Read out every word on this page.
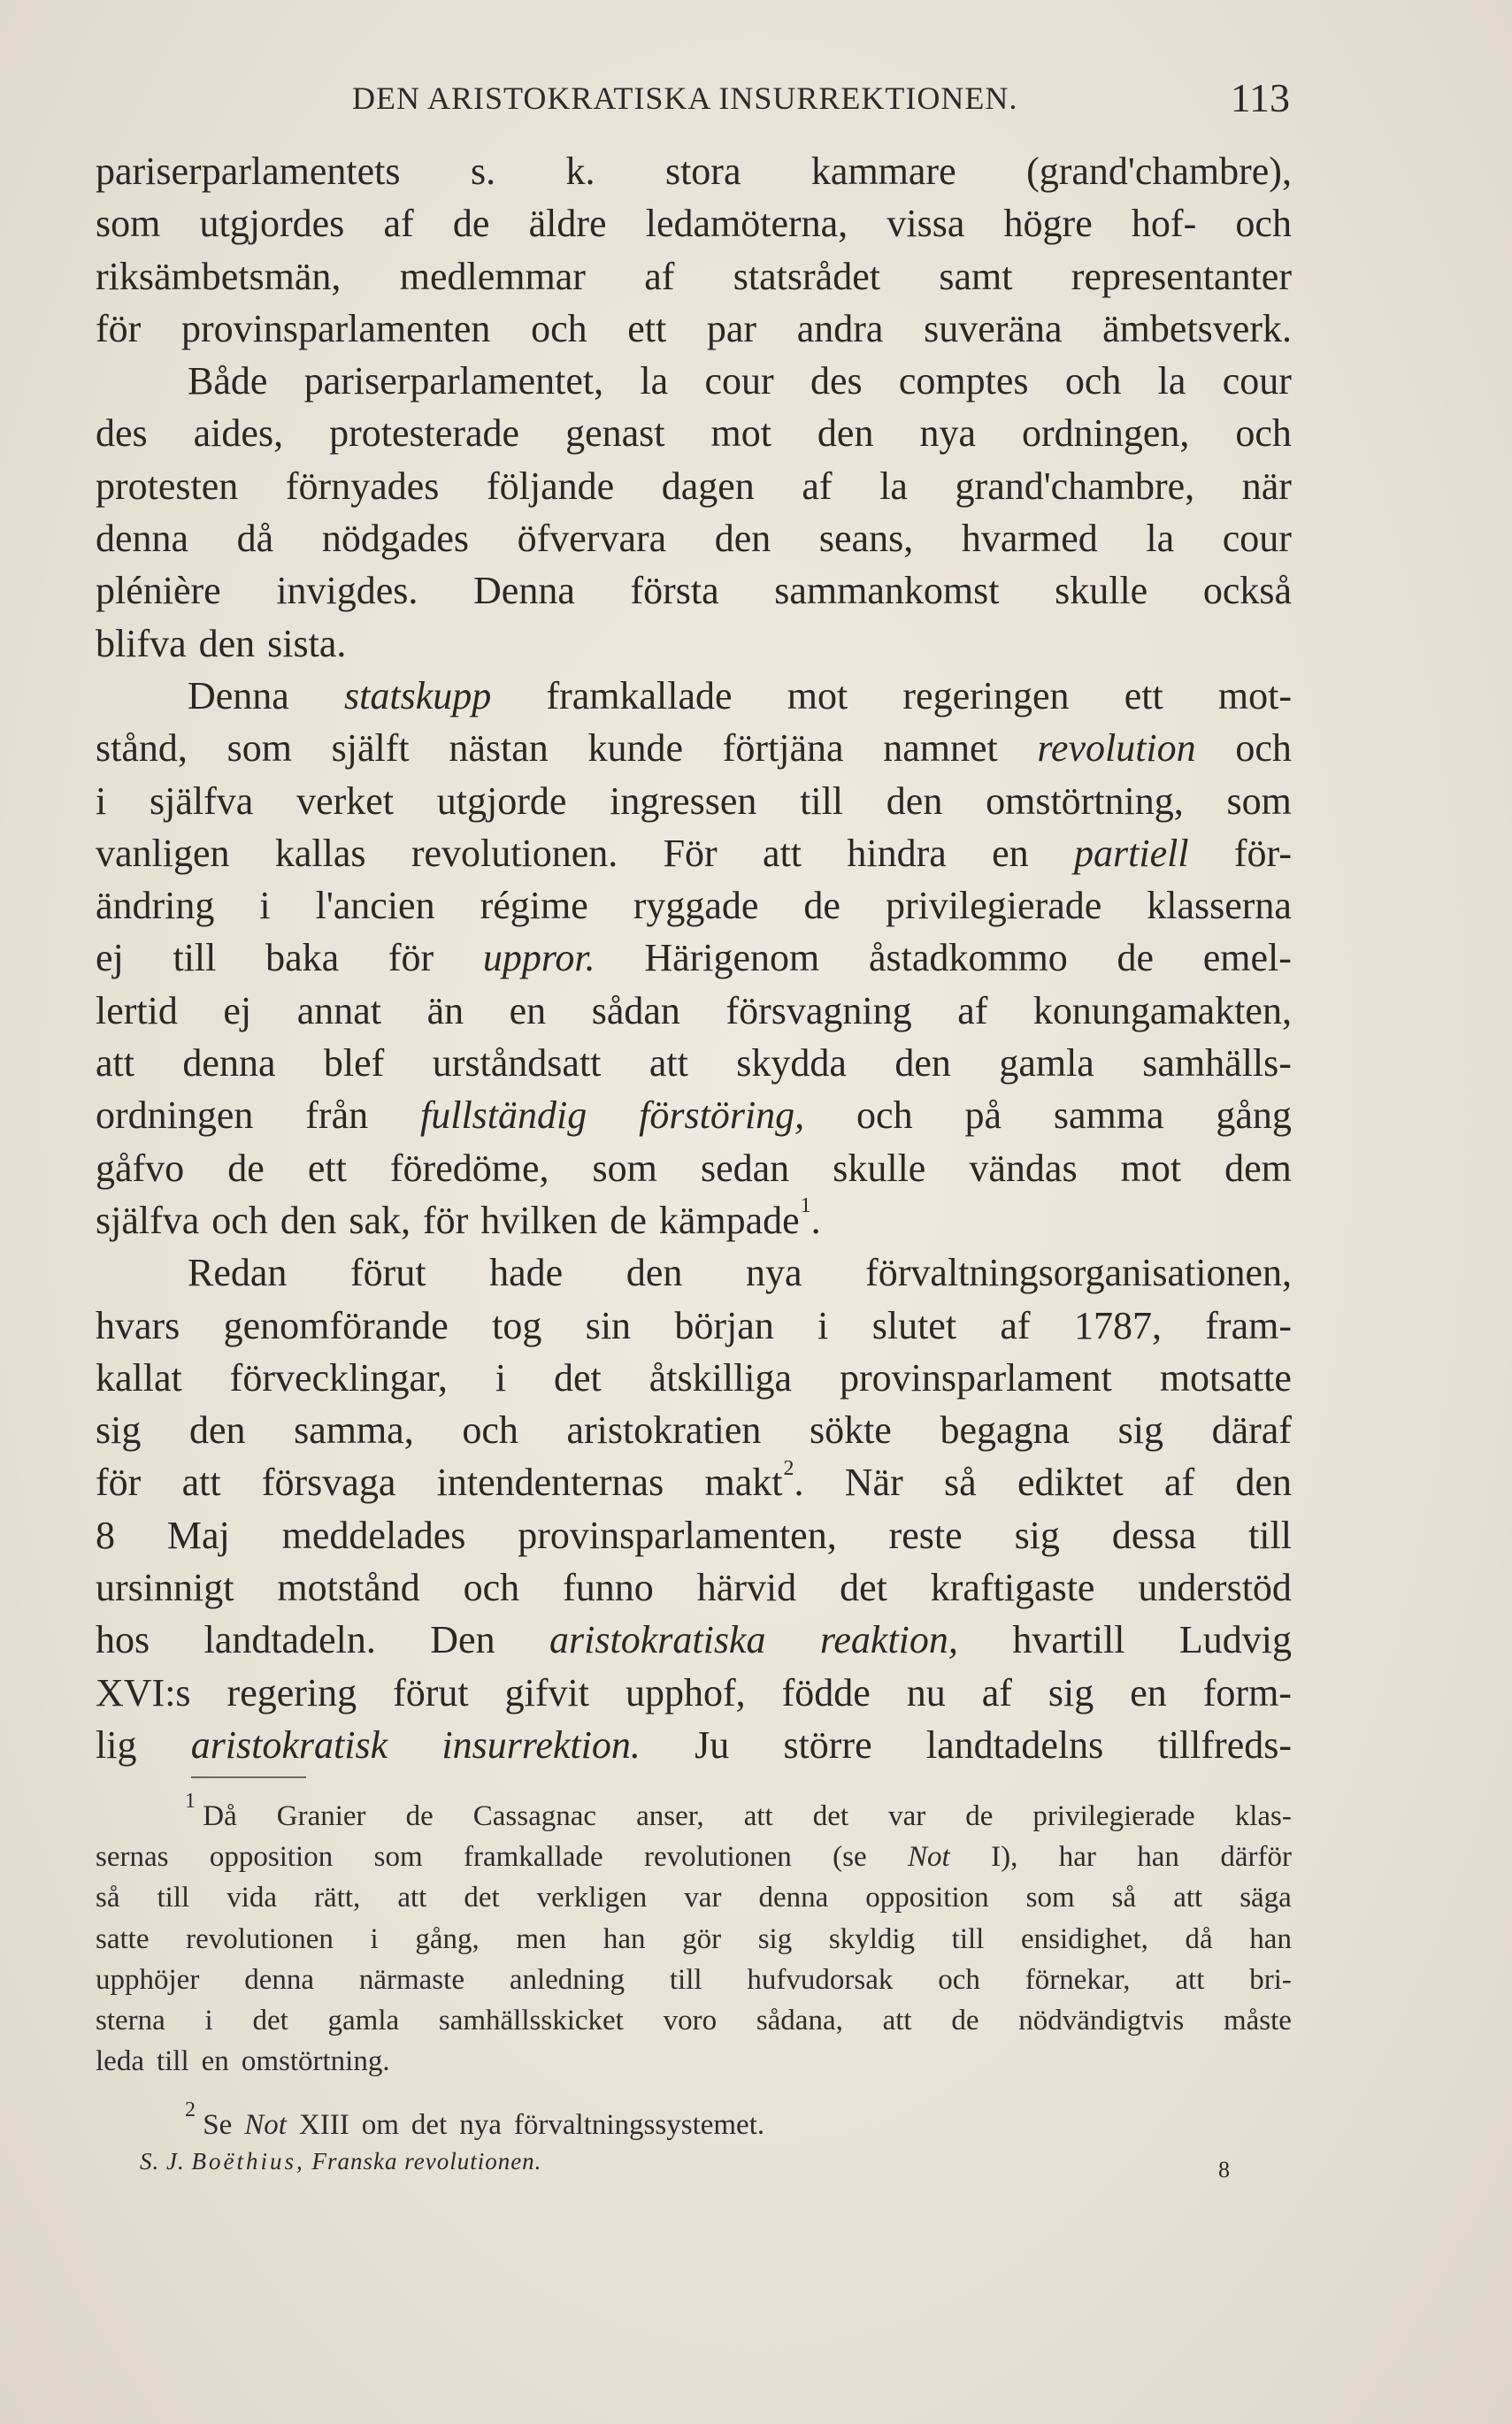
DEN ARISTOKRATISKA INSURREKTIONEN.	113
pariserparlamentets s. k. stora kammare (grand'chambre),
som utgjordes af de äldre ledamöterna, vissa högre hof- och
riksämbetsmän, medlemmar af statsrådet samt representanter
för provinsparlamenten och ett par andra suveräna ämbetsverk.
Både pariserparlamentet, la cour des comptes och la cour
des aides, protesterade genast mot den nya ordningen, och
protesten förnyades följande dagen af la grand'chambre, när
denna då nödgades öfvervara den seans, hvarmed la cour
plénière invigdes. Denna första sammankomst skulle också
blifva den sista.
Denna statskupp framkallade mot regeringen ett mot-
stånd, som själft nästan kunde förtjäna namnet revolution och
i själfva verket utgjorde ingressen till den omstörtning, som
vanligen kallas revolutionen. För att hindra en partiell för-
ändring i l'ancien régime ryggade de privilegierade klasserna
ej till baka för uppror. Härigenom åstadkommo de emel-
lertid ej annat än en sådan försvagning af konungamakten,
att denna blef urståndsatt att skydda den gamla samhälls-
ordningen från fullständig förstöring, och på samma gång
gåfvo de ett föredöme, som sedan skulle vändas mot dem
själfva och den sak, för hvilken de kämpade$^1$.
Redan förut hade den nya förvaltningsorganisationen,
hvars genomförande tog sin början i slutet af 1787, fram-
kallat förvecklingar, i det åtskilliga provinsparlament motsatte
sig den samma, och aristokratien sökte begagna sig däraf
för att försvaga intendenternas makt$^2$. När så ediktet af den
8 Maj meddelades provinsparlamenten, reste sig dessa till
ursinnigt motstånd och funno härvid det kraftigaste understöd
hos landtadeln. Den aristokratiska reaktion, hvartill Ludvig
XVI:s regering förut gifvit upphof, födde nu af sig en form-
lig aristokratisk insurrektion. Ju större landtadelns tillfreds-
$^1$ Då Granier de Cassagnac anser, att det var de privilegierade klas-
sernas opposition som framkallade revolutionen (se Not I), har han därför
så till vida rätt, att det verkligen var denna opposition som så att säga
satte revolutionen i gång, men han gör sig skyldig till ensidighet, då han
upphöjer denna närmaste anledning till hufvudorsak och förnekar, att bri-
sterna i det gamla samhällsskicket voro sådana, att de nödvändigtvis måste
leda till en omstörtning.
$^2$ Se Not XIII om det nya förvaltningssystemet.
S. J. Boëthius, Franska revolutionen.	8
